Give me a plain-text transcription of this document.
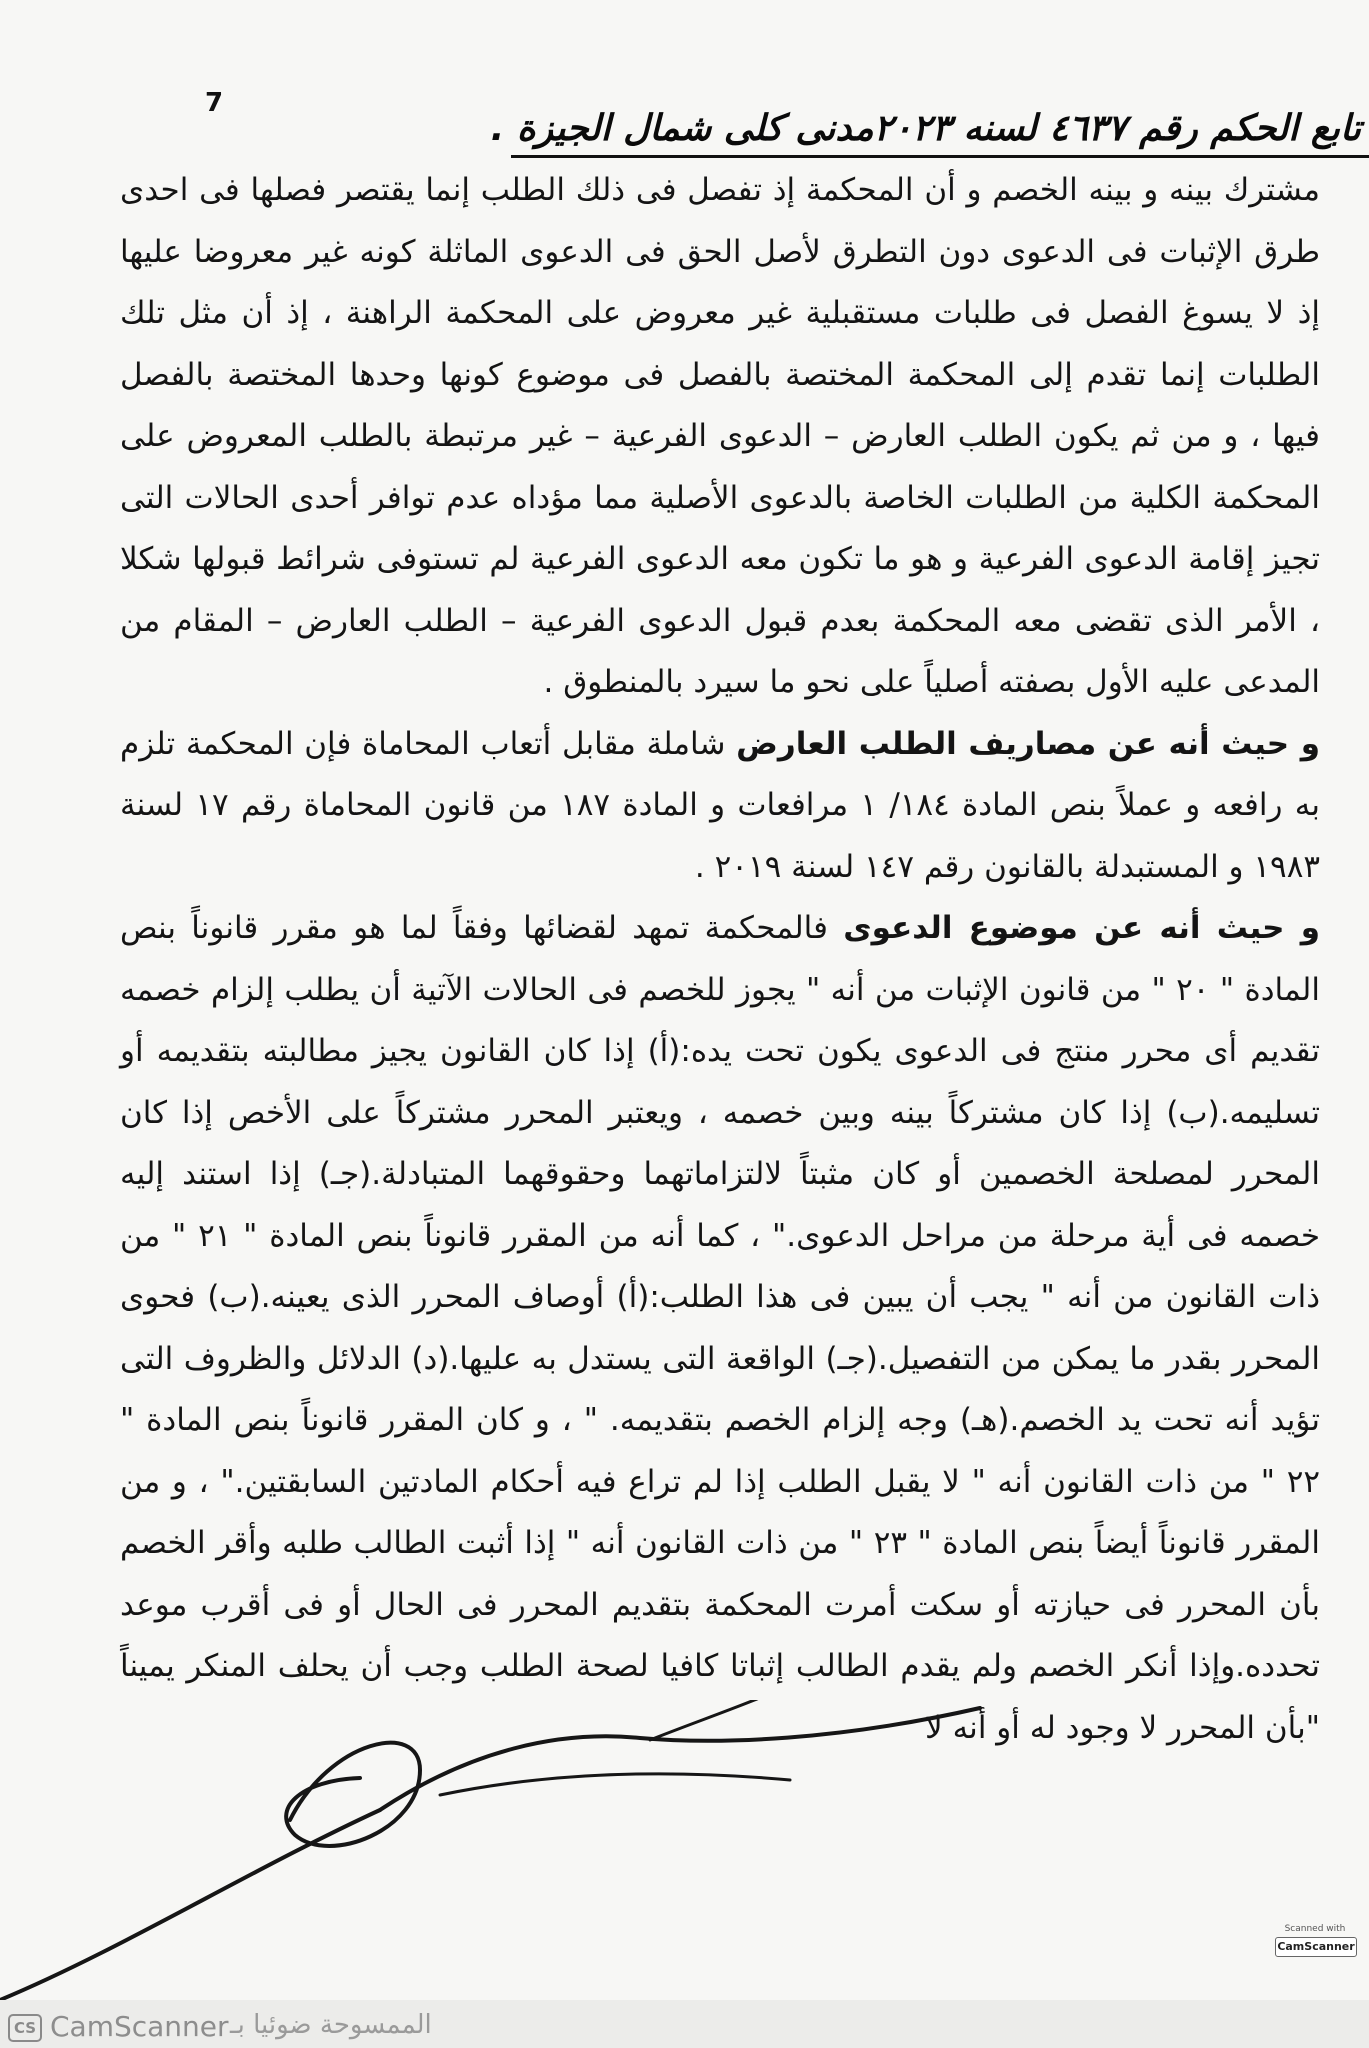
7
تابع الحكم رقم ٤٦٣٧ لسنه ٢٠٢٣مدنى كلى شمال الجيزة .

مشترك بينه و بينه الخصم و أن المحكمة إذ تفصل فى ذلك الطلب إنما يقتصر فصلها فى احدى طرق الإثبات فى الدعوى دون التطرق لأصل الحق فى الدعوى الماثلة كونه غير معروضا عليها إذ لا يسوغ الفصل فى طلبات مستقبلية غير معروض على المحكمة الراهنة ، إذ أن مثل تلك الطلبات إنما تقدم إلى المحكمة المختصة بالفصل فى موضوع كونها وحدها المختصة بالفصل فيها ، و من ثم يكون الطلب العارض – الدعوى الفرعية – غير مرتبطة بالطلب المعروض على المحكمة الكلية من الطلبات الخاصة بالدعوى الأصلية مما مؤداه عدم توافر أحدى الحالات التى تجيز إقامة الدعوى الفرعية و هو ما تكون معه الدعوى الفرعية لم تستوفى شرائط قبولها شكلا ، الأمر الذى تقضى معه المحكمة بعدم قبول الدعوى الفرعية – الطلب العارض – المقام من المدعى عليه الأول بصفته أصلياً على نحو ما سيرد بالمنطوق .

و حيث أنه عن مصاريف الطلب العارض شاملة مقابل أتعاب المحاماة فإن المحكمة تلزم به رافعه و عملاً بنص المادة ١٨٤/ ١ مرافعات و المادة ١٨٧ من قانون المحاماة رقم ١٧ لسنة ١٩٨٣ و المستبدلة بالقانون رقم ١٤٧ لسنة ٢٠١٩ .

و حيث أنه عن موضوع الدعوى فالمحكمة تمهد لقضائها وفقاً لما هو مقرر قانوناً بنص المادة " ٢٠ " من قانون الإثبات من أنه " يجوز للخصم فى الحالات الآتية أن يطلب إلزام خصمه تقديم أى محرر منتج فى الدعوى يكون تحت يده:(أ) إذا كان القانون يجيز مطالبته بتقديمه أو تسليمه.(ب) إذا كان مشتركاً بينه وبين خصمه ، ويعتبر المحرر مشتركاً على الأخص إذا كان المحرر لمصلحة الخصمين أو كان مثبتاً لالتزاماتهما وحقوقهما المتبادلة.(جـ) إذا استند إليه خصمه فى أية مرحلة من مراحل الدعوى." ، كما أنه من المقرر قانوناً بنص المادة " ٢١ " من ذات القانون من أنه " يجب أن يبين فى هذا الطلب:(أ) أوصاف المحرر الذى يعينه.(ب) فحوى المحرر بقدر ما يمكن من التفصيل.(جـ) الواقعة التى يستدل به عليها.(د) الدلائل والظروف التى تؤيد أنه تحت يد الخصم.(هـ) وجه إلزام الخصم بتقديمه. " ، و كان المقرر قانوناً بنص المادة " ٢٢ " من ذات القانون أنه " لا يقبل الطلب إذا لم تراع فيه أحكام المادتين السابقتين." ، و من المقرر قانوناً أيضاً بنص المادة " ٢٣ " من ذات القانون أنه " إذا أثبت الطالب طلبه وأقر الخصم بأن المحرر فى حيازته أو سكت أمرت المحكمة بتقديم المحرر فى الحال أو فى أقرب موعد تحدده.وإذا أنكر الخصم ولم يقدم الطالب إثباتا كافيا لصحة الطلب وجب أن يحلف المنكر يميناً "بأن المحرر لا وجود له أو أنه لا

Scanned with
CamScanner
CS CamScanner الممسوحة ضوئيا بـ
